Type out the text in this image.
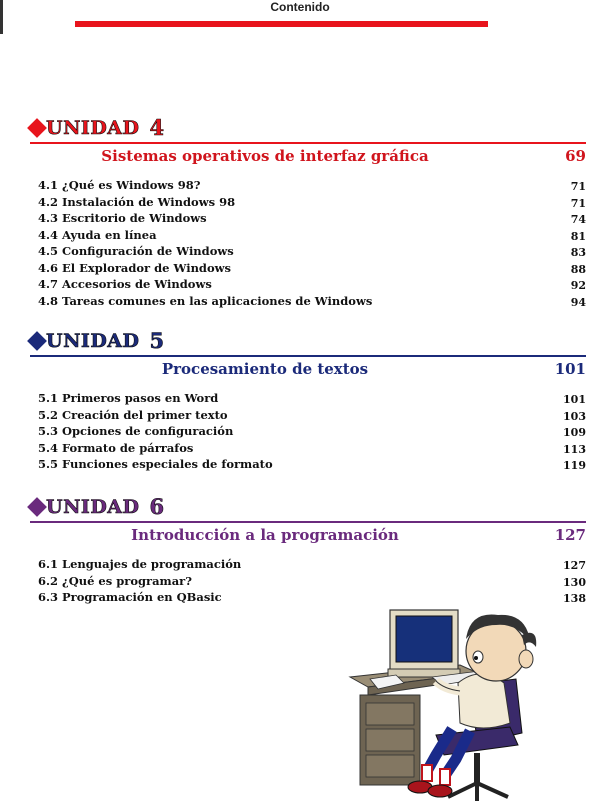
Contenido
UNIDAD 4
Sistemas operativos de interfaz gráfica	69
4.1 ¿Qué es Windows 98?	71
4.2 Instalación de Windows 98	71
4.3 Escritorio de Windows	74
4.4 Ayuda en línea	81
4.5 Configuración de Windows	83
4.6 El Explorador de Windows	88
4.7 Accesorios de Windows	92
4.8 Tareas comunes en las aplicaciones de Windows	94
UNIDAD 5
Procesamiento de textos	101
5.1 Primeros pasos en Word	101
5.2 Creación del primer texto	103
5.3 Opciones de configuración	109
5.4 Formato de párrafos	113
5.5 Funciones especiales de formato	119
UNIDAD 6
Introducción a la programación	127
6.1 Lenguajes de programación	127
6.2 ¿Qué es programar?	130
6.3 Programación en QBasic	138
